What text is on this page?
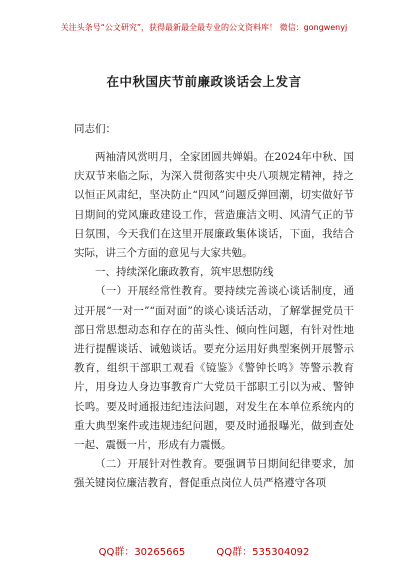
关注头条号“公文研究”，获得最新最全最专业的公文资料库！ 微信：gongwenyj
在中秋国庆节前廉政谈话会上发言
同志们：

两袖清风赏明月，全家团圆共婵娟。在2024年中秋、国庆双节来临之际，为深入贯彻落实中央八项规定精神，持之以恒正风肃纪，坚决防止“四风”问题反弹回潮，切实做好节日期间的党风廉政建设工作，营造廉洁文明、风清气正的节日氛围，今天我们在这里开展廉政集体谈话，下面，我结合实际，讲三个方面的意见与大家共勉。

一、持续深化廉政教育，筑牢思想防线

（一）开展经常性教育。要持续完善谈心谈话制度，通过开展“一对一”“面对面”的谈心谈话活动，了解掌握党员干部日常思想动态和存在的苗头性、倾向性问题，有针对性地进行提醒谈话、诫勉谈话。要充分运用好典型案例开展警示教育，组织干部职工观看《镜鉴》《警钟长鸣》等警示教育片，用身边人身边事教育广大党员干部职工引以为戒、警钟长鸣。要及时通报违纪违法问题，对发生在本单位系统内的重大典型案件或违规违纪问题，要及时通报曝光，做到查处一起、震慑一片，形成有力震慑。

（二）开展针对性教育。要强调节日期间纪律要求，加强关键岗位廉洁教育，督促重点岗位人员严格遵守各项

QQ群：30265665	QQ群：535304092
